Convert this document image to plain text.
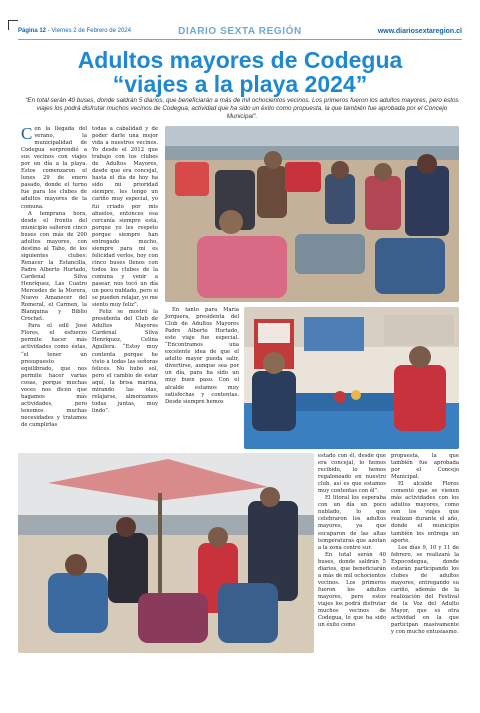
Página 12 - Viernes 2 de Febrero de 2024	DIARIO SEXTA REGIÓN	www.diariosextaregion.cl
Adultos mayores de Codegua
“viajes a la playa 2024”
“En total serán 40 buses, donde saldrán 5 diarios, que beneficiarán a más de mil ochocientos vecinos. Los primeros fueron los adultos mayores, pero estos viajes los podrá disfrutar muchos vecinos de Codegua, actividad que ha sido un éxito como propuesta, la que también fue aprobada por el Concejo Municipal”.

Con la llegada del verano, la municipalidad de Codegua sorprendió a sus vecinos con viajes por un día a la playa. Estos comenzaron el lunes 29 de enero pasado, donde el turno fue para los clubes de adultos mayores de la comuna.

A temprana hora, desde el frontis del municipio salieron cinco buses con más de 200 adultos mayores, con destino al Tabo, de los siguientes clubes: Renacer la Estancilla, Padre Alberto Hurtado, Cardenal Silva Henríquez, Las Cuatro Mercedes de la Morera, Nuevo Amanecer del Romeral, el Carmen, la Blanquina y Biblio Crochet.

Para el edil José Flores, el esfuerzo permite hacer más actividades como éstas, “el tener un presupuesto equilibrado, que nos permite hacer varias cosas, porque muchas veces nos dicen que hagamos más actividades, pero tenemos muchas necesidades y tratamos de cumplirlas

todas a cabalidad y de poder darle una mejor vida a nuestros vecinos. Yo desde el 2012 que trabajo con los clubes de Adultos Mayores, desde que era concejal, hasta el día de hoy ha sido mi prioridad siempre, les tengo un cariño muy especial, yo fui criado por mis abuelos, entonces esa cercanía siempre está, porque yo les respeto porque siempre han entregado mucho, siempre para mi es felicidad verlos, hoy con cinco buses llenos con todos los clubes de la comuna y venir a pasear, nos tocó un día un poco nublado, pero si se pueden relajar, yo me siento muy feliz”.

Feliz se mostró la presidenta del Club de Adultos Mayores Cardenal Silva Henríquez, Celina Aguilera. “Estoy muy contenta porque he visto a todas las señoras felices. No hubo sol, pero el cambio de estar aquí, la brisa marina, mirando las olas, relajarse, almorzamos todas juntas, muy lindo”.

En tanto para María Jorquera, presidenta del Club de Adultos Mayores Padre Alberto Hurtado, este viaje fue especial. “Encontramos una excelente idea de que el adulto mayor pueda salir, divertirse, aunque sea por un día, para ha sido un muy buen paso. Con el alcalde estamos muy satisfechas y contentas. Desde siempre hemos

estado con él, desde que era concejal, lo hemos recibido, lo hemos regaloneado en nuestro club, así es que estamos muy contentas con él”.

El litoral los esperaba con un día un poco nublado, lo que celebraron los adultos mayores, ya que escaparon de las altas temperaturas que azotan a la zona centro sur.

En total serán 40 buses, donde saldrán 5 diarios, que beneficiarán a más de mil ochocientos vecinos. Los primeros fueron los adultos mayores, pero estos viajes los podrá disfrutar muchos vecinos de Codegua, lo que ha sido un éxito como

propuesta, la que también fue aprobada por el Concejo Municipal.

El alcalde Flores comentó que se vienen más actividades con los adultos mayores, como son los viajes que realizan durante el año, donde el municipio también les entrega un aporte.

Los días 9, 10 y 11 de febrero, se realizará la Expocodegua, donde estarán participando los clubes de adultos mayores, entregando su cariño, además de la realización del Festival de la Voz del Adulto Mayor, que es otra actividad en la que participan masivamente y con mucho entusiasmo.
